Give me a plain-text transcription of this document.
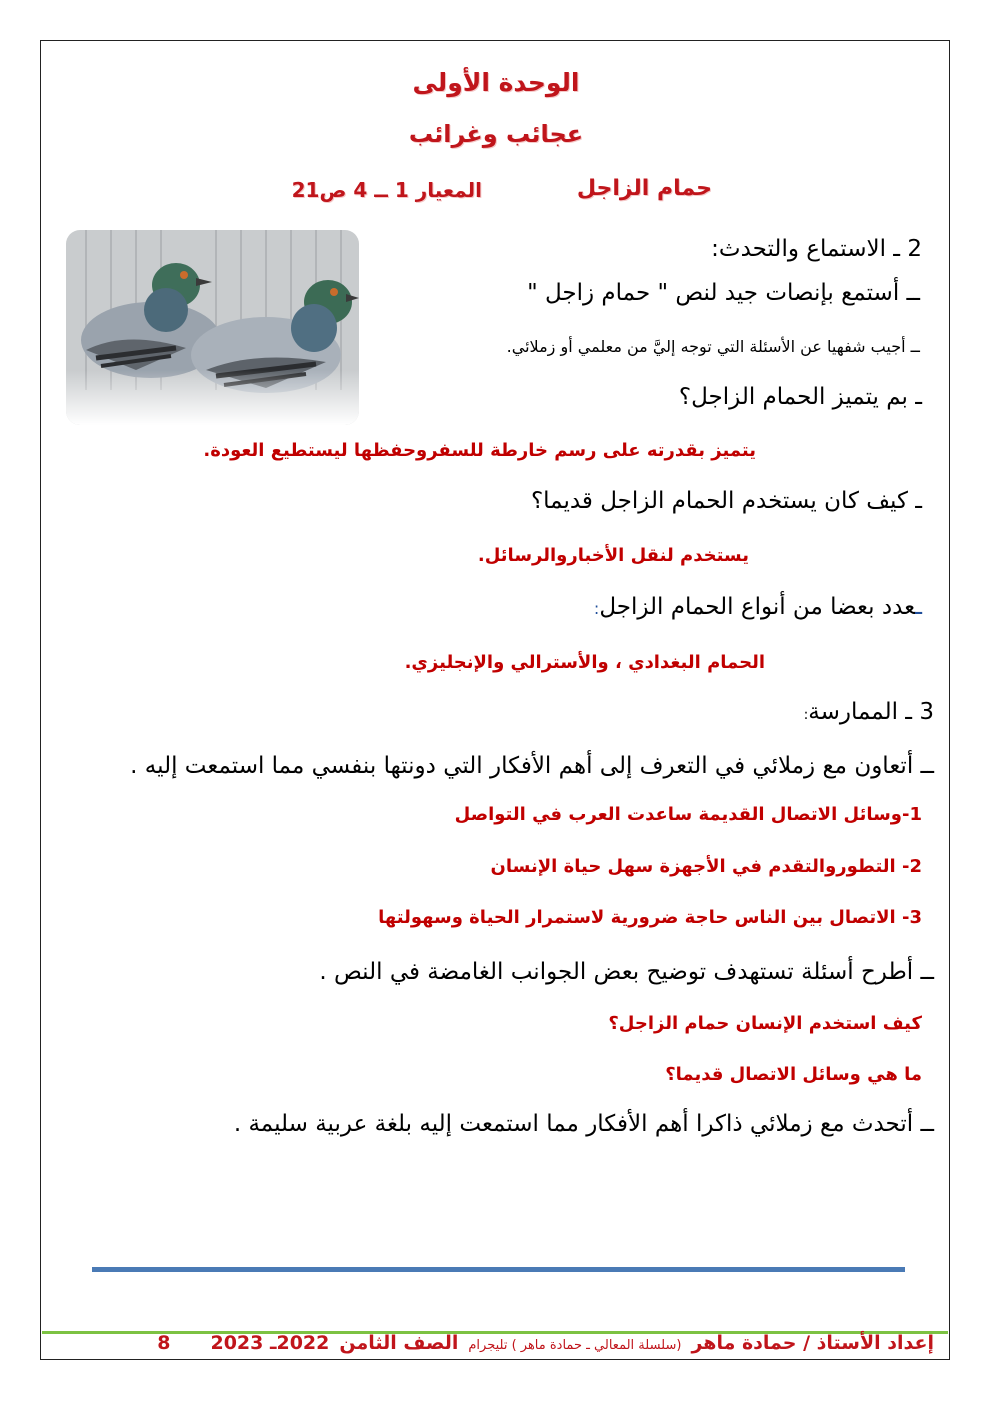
الوحدة الأولى
عجائب وغرائب
حمام الزاجل
المعيار 1 ــ 4 ص21
2 ـ الاستماع والتحدث:
ــ أستمع بإنصات جيد لنص " حمام زاجل "
ــ أجيب شفهيا عن الأسئلة التي توجه إليَّ من معلمي أو زملائي.
ـ بم يتميز الحمام الزاجل؟
يتميز بقدرته على رسم خارطة للسفروحفظها ليستطيع العودة.
ـ كيف كان يستخدم الحمام الزاجل قديما؟
يستخدم لنقل الأخباروالرسائل.
ـعدد بعضا من أنواع الحمام الزاجل:
الحمام البغدادي ، والأسترالي والإنجليزي.
3 ـ الممارسة:
ــ أتعاون مع زملائي في التعرف إلى أهم الأفكار التي دونتها بنفسي مما استمعت إليه .
1-وسائل الاتصال القديمة ساعدت العرب في التواصل
2- التطوروالتقدم في الأجهزة سهل حياة الإنسان
3- الاتصال بين الناس حاجة ضرورية لاستمرار الحياة وسهولتها
ــ أطرح أسئلة تستهدف توضيح بعض الجوانب الغامضة في النص .
كيف استخدم الإنسان حمام الزاجل؟
ما هي وسائل الاتصال قديما؟
ــ أتحدث مع زملائي ذاكرا أهم الأفكار مما استمعت إليه بلغة عربية سليمة .
إعداد الأستاذ / حمادة ماهر
(سلسلة المعالي ـ حمادة ماهر ) تليجرام
الصف الثامن
2022ـ 2023
8
